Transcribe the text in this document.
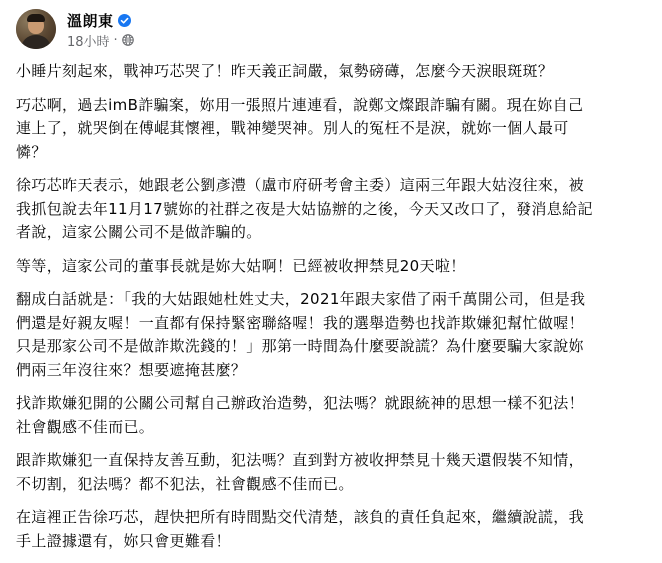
溫朗東
18小時 ·

小睡片刻起來，戰神巧芯哭了！昨天義正詞嚴，氣勢磅礡，怎麼今天淚眼斑斑？

巧芯啊，過去imB詐騙案，妳用一張照片連連看，說鄭文燦跟詐騙有關。現在妳自己
連上了，就哭倒在傅崐萁懷裡，戰神變哭神。別人的冤枉不是淚，就妳一個人最可
憐？

徐巧芯昨天表示，她跟老公劉彥澧（盧市府研考會主委）這兩三年跟大姑沒往來，被
我抓包說去年11月17號妳的社群之夜是大姑協辦的之後，今天又改口了，發消息給記
者說，這家公關公司不是做詐騙的。

等等，這家公司的董事長就是妳大姑啊！已經被收押禁見20天啦！

翻成白話就是：「我的大姑跟她杜姓丈夫，2021年跟夫家借了兩千萬開公司，但是我
們還是好親友喔！一直都有保持緊密聯絡喔！我的選舉造勢也找詐欺嫌犯幫忙做喔！
只是那家公司不是做詐欺洗錢的！」那第一時間為什麼要說謊？為什麼要騙大家說妳
們兩三年沒往來？想要遮掩甚麼？

找詐欺嫌犯開的公關公司幫自己辦政治造勢，犯法嗎？就跟統神的思想一樣不犯法！
社會觀感不佳而已。

跟詐欺嫌犯一直保持友善互動，犯法嗎？直到對方被收押禁見十幾天還假裝不知情，
不切割，犯法嗎？都不犯法，社會觀感不佳而已。

在這裡正告徐巧芯，趕快把所有時間點交代清楚，該負的責任負起來，繼續說謊，我
手上證據還有，妳只會更難看！
